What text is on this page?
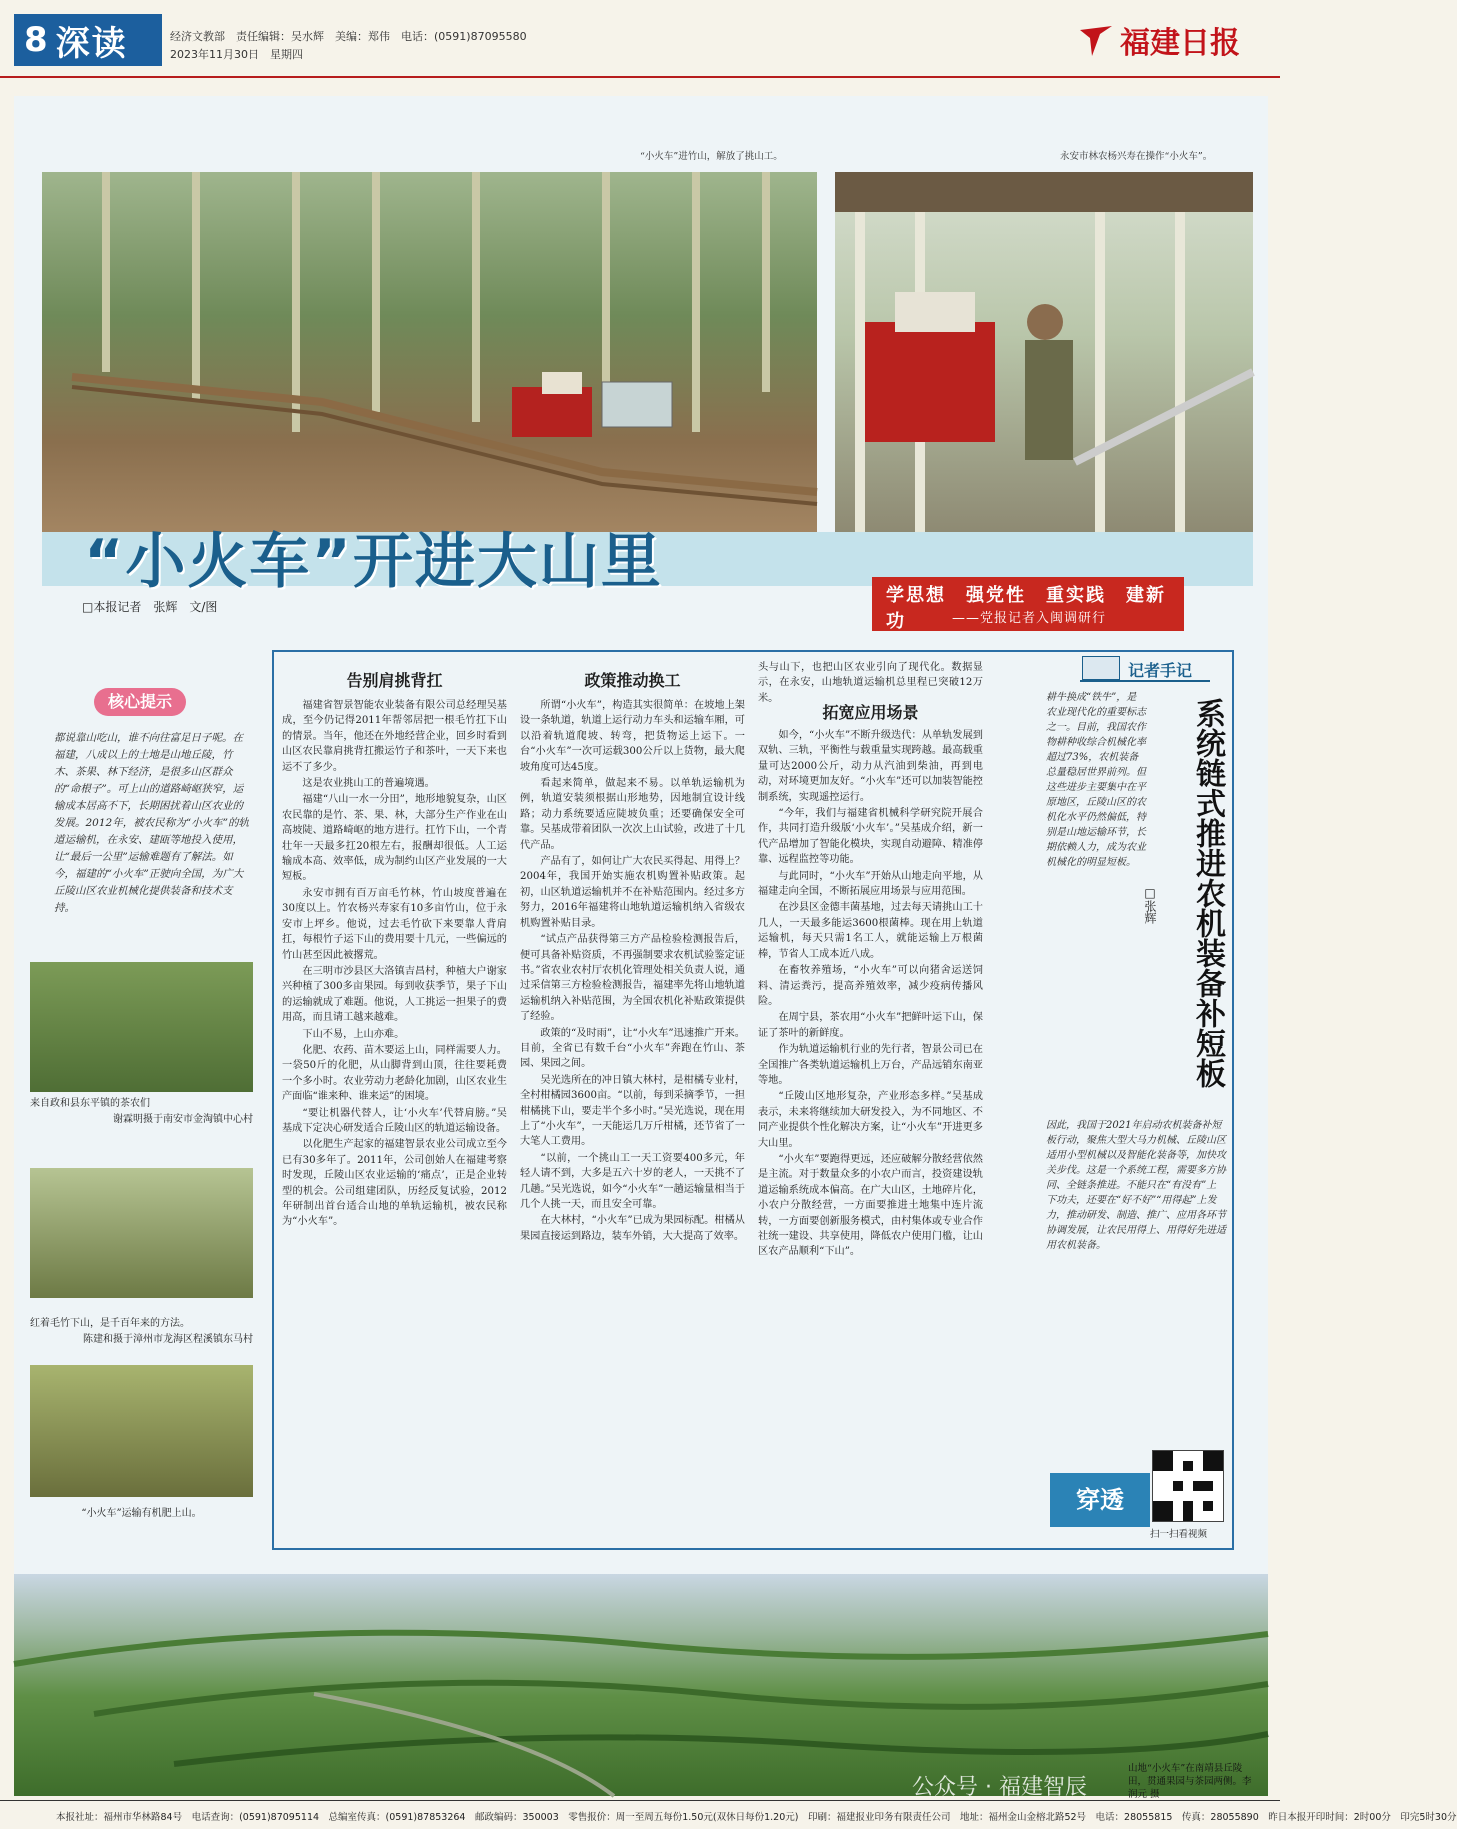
8 深读	经济文教部　责任编辑：吴水辉　美编：郑伟　电话：(0591)87095580
2023年11月30日　星期四	福建日报
“小火车”进竹山，解放了挑山工。	永安市林农杨兴寿在操作“小火车”。
“小火车”开进大山里
□本报记者　张辉　文/图
学思想　强党性　重实践　建新功	——党报记者入闽调研行
核心提示
都说靠山吃山，谁不向往富足日子呢。在福建，八成以上的土地是山地丘陵，竹木、茶果、林下经济，是很多山区群众的“命根子”。可上山的道路崎岖狭窄，运输成本居高不下，长期困扰着山区农业的发展。2012年，被农民称为“小火车”的轨道运输机，在永安、建瓯等地投入使用，让“最后一公里”运输难题有了解法。如今，福建的“小火车”正驶向全国，为广大丘陵山区农业机械化提供装备和技术支持。
来自政和县东平镇的茶农们
谢霖明摄于南安市金淘镇中心村
红着毛竹下山，是千百年来的方法。
陈建和摄于漳州市龙海区程溪镇东马村
“小火车”运输有机肥上山。
告别肩挑背扛

福建省智景智能农业装备有限公司总经理吴基成，至今仍记得2011年帮邻居把一根毛竹扛下山的情景。当年，他还在外地经营企业，回乡时看到山区农民靠肩挑背扛搬运竹子和茶叶，一天下来也运不了多少。

这是农业挑山工的普遍境遇。

福建“八山一水一分田”，地形地貌复杂，山区农民靠的是竹、茶、果、林，大部分生产作业在山高坡陡、道路崎岖的地方进行。扛竹下山，一个青壮年一天最多扛20根左右，报酬却很低。人工运输成本高、效率低，成为制约山区产业发展的一大短板。

永安市拥有百万亩毛竹林，竹山坡度普遍在30度以上。竹农杨兴寿家有10多亩竹山，位于永安市上坪乡。他说，过去毛竹砍下来要靠人背肩扛，每根竹子运下山的费用要十几元，一些偏远的竹山甚至因此被撂荒。

在三明市沙县区大洛镇吉昌村，种植大户谢家兴种植了300多亩果园。每到收获季节，果子下山的运输就成了难题。他说，人工挑运一担果子的费用高，而且请工越来越难。

下山不易，上山亦难。

化肥、农药、苗木要运上山，同样需要人力。一袋50斤的化肥，从山脚背到山顶，往往要耗费一个多小时。农业劳动力老龄化加剧，山区农业生产面临“谁来种、谁来运”的困境。

“要让机器代替人，让‘小火车’代替肩膀。”吴基成下定决心研发适合丘陵山区的轨道运输设备。

以化肥生产起家的福建智景农业公司成立至今已有30多年了。2011年，公司创始人在福建考察时发现，丘陵山区农业运输的‘痛点’，正是企业转型的机会。公司组建团队，历经反复试验，2012年研制出首台适合山地的单轨运输机，被农民称为“小火车”。

政策推动换工

所谓“小火车”，构造其实很简单：在坡地上架设一条轨道，轨道上运行动力车头和运输车厢，可以沿着轨道爬坡、转弯，把货物运上运下。一台“小火车”一次可运载300公斤以上货物，最大爬坡角度可达45度。

看起来简单，做起来不易。以单轨运输机为例，轨道安装须根据山形地势，因地制宜设计线路；动力系统要适应陡坡负重；还要确保安全可靠。吴基成带着团队一次次上山试验，改进了十几代产品。

产品有了，如何让广大农民买得起、用得上？2004年，我国开始实施农机购置补贴政策。起初，山区轨道运输机并不在补贴范围内。经过多方努力，2016年福建将山地轨道运输机纳入省级农机购置补贴目录。

“试点产品获得第三方产品检验检测报告后，便可具备补贴资质，不再强制要求农机试验鉴定证书。”省农业农村厅农机化管理处相关负责人说，通过采信第三方检验检测报告，福建率先将山地轨道运输机纳入补贴范围，为全国农机化补贴政策提供了经验。

政策的“及时雨”，让“小火车”迅速推广开来。目前，全省已有数千台“小火车”奔跑在竹山、茶园、果园之间。

吴光选所在的冲日镇大林村，是柑橘专业村，全村柑橘园3600亩。“以前，每到采摘季节，一担柑橘挑下山，要走半个多小时。”吴光选说，现在用上了“小火车”，一天能运几万斤柑橘，还节省了一大笔人工费用。

“以前，一个挑山工一天工资要400多元，年轻人请不到，大多是五六十岁的老人，一天挑不了几趟。”吴光选说，如今“小火车”一趟运输量相当于几个人挑一天，而且安全可靠。

在大林村，“小火车”已成为果园标配。柑橘从果园直接运到路边，装车外销，大大提高了效率。

头与山下，也把山区农业引向了现代化。数据显示，在永安，山地轨道运输机总里程已突破12万米。

拓宽应用场景

如今，“小火车”不断升级迭代：从单轨发展到双轨、三轨，平衡性与载重量实现跨越。最高载重量可达2000公斤，动力从汽油到柴油，再到电动，对环境更加友好。“小火车”还可以加装智能控制系统，实现遥控运行。

“今年，我们与福建省机械科学研究院开展合作，共同打造升级版‘小火车’。”吴基成介绍，新一代产品增加了智能化模块，实现自动避障、精准停靠、远程监控等功能。

与此同时，“小火车”开始从山地走向平地，从福建走向全国，不断拓展应用场景与应用范围。

在沙县区金德丰菌基地，过去每天请挑山工十几人，一天最多能运3600根菌棒。现在用上轨道运输机，每天只需1名工人，就能运输上万根菌棒，节省人工成本近八成。

在畜牧养殖场，“小火车”可以向猪舍运送饲料、清运粪污，提高养殖效率，减少疫病传播风险。

在周宁县，茶农用“小火车”把鲜叶运下山，保证了茶叶的新鲜度。

作为轨道运输机行业的先行者，智景公司已在全国推广各类轨道运输机上万台，产品远销东南亚等地。

“丘陵山区地形复杂，产业形态多样。”吴基成表示，未来将继续加大研发投入，为不同地区、不同产业提供个性化解决方案，让“小火车”开进更多大山里。

“小火车”要跑得更远，还应破解分散经营依然是主流。对于数量众多的小农户而言，投资建设轨道运输系统成本偏高。在广大山区，土地碎片化，小农户分散经营，一方面要推进土地集中连片流转，一方面要创新服务模式，由村集体或专业合作社统一建设、共享使用，降低农户使用门槛，让山区农产品顺利“下山”。

记者手记
系统链式推进农机装备补短板
□张辉
耕牛换成“铁牛”，是农业现代化的重要标志之一。目前，我国农作物耕种收综合机械化率超过73%，农机装备总量稳居世界前列。但这些进步主要集中在平原地区，丘陵山区的农机化水平仍然偏低，特别是山地运输环节，长期依赖人力，成为农业机械化的明显短板。
因此，我国于2021年启动农机装备补短板行动，聚焦大型大马力机械、丘陵山区适用小型机械以及智能化装备等，加快攻关步伐。这是一个系统工程，需要多方协同、全链条推进。不能只在“有没有”上下功夫，还要在“好不好”“用得起”上发力，推动研发、制造、推广、应用各环节协调发展，让农民用得上、用得好先进适用农机装备。
穿透
扫一扫看视频
山地“小火车”在南靖县丘陵田，贯通果园与茶园两侧。李润元 摄
公众号 · 福建智辰
本报社址：福州市华林路84号　电话查询：(0591)87095114　总编室传真：(0591)87853264　邮政编码：350003　零售报价：周一至周五每份1.50元(双休日每份1.20元)　印刷：福建报业印务有限责任公司　地址：福州金山金榕北路52号　电话：28055815　传真：28055890　昨日本报开印时间：2时00分　印完5时30分
